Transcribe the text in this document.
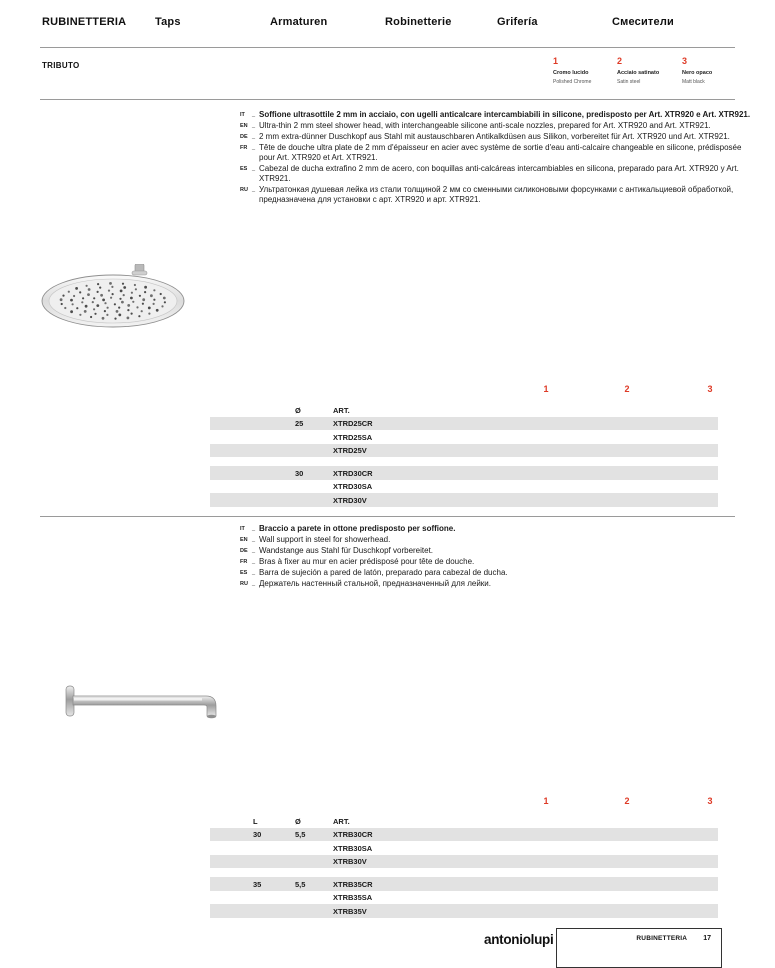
RUBINETTERIA	Taps	Armaturen	Robinetterie	Grifería	Смесители
TRIBUTO	1
Cromo lucido
Polished Chrome
2
Acciaio satinato
Satin steel
3
Nero opaco
Matt black
IT	_ Soffione ultrasottile 2 mm in acciaio, con ugelli anticalcare intercambiabili in silicone, predisposto per Art. XTR920 e Art. XTR921.
EN _ Ultra-thin 2 mm steel shower head, with interchangeable silicone anti-scale nozzles, prepared for Art. XTR920 and Art. XTR921.
DE _ 2 mm extra-dünner Duschkopf aus Stahl mit austauschbaren Antikalkdüsen aus Silikon, vorbereitet für Art. XTR920 und Art. XTR921.
FR _ Tête de douche ultra plate de 2 mm d'épaisseur en acier avec système de sortie d'eau anti-calcaire changeable en silicone, prédisposée pour Art. XTR920 et Art. XTR921.
ES _ Cabezal de ducha extrafino 2 mm de acero, con boquillas anti-calcáreas intercambiables en silicona, preparado para Art. XTR920 y Art. XTR921.
RU _ Ультратонкая душевая лейка из стали толщиной 2 мм со сменными силиконовыми форсунками с антикальциевой обработкой, предназначена для установки с арт. XTR920 и арт. XTR921.
1	2	3
Ø	ART.
25	XTRD25CR
XTRD25SA
XTRD25V
30	XTRD30CR
XTRD30SA
XTRD30V
IT	_ Braccio a parete in ottone predisposto per soffione.
EN _ Wall support in steel for showerhead.
DE _ Wandstange aus Stahl für Duschkopf vorbereitet.
FR _ Bras à fixer au mur en acier prédisposé pour tête de douche.
ES _ Barra de sujeción a pared de latón, preparado para cabezal de ducha.
RU _ Держатель настенный стальной, предназначенный для лейки.
1	2	3
L	Ø	ART.
30	5,5	XTRB30CR
XTRB30SA
XTRB30V
35	5,5	XTRB35CR
XTRB35SA
XTRB35V
antoniolupi	RUBINETTERIA 17
